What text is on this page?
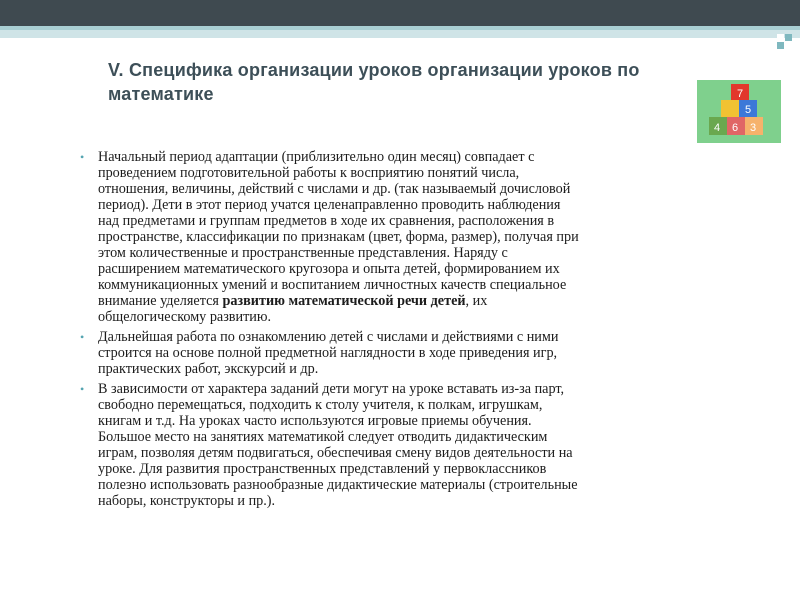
V. Специфика организации уроков организации уроков по
математике	7
5
4 6 3
• Начальный период адаптации (приблизительно один месяц) совпадает с
проведением подготовительной работы к восприятию понятий числа,
отношения, величины, действий с числами и др. (так называемый дочисловой
период). Дети в этот период учатся целенаправленно проводить наблюдения
над предметами и группам предметов в ходе их сравнения, расположения в
пространстве, классификации по признакам (цвет, форма, размер), получая при
этом количественные и пространственные представления. Наряду с
расширением математического кругозора и опыта детей, формированием их
коммуникационных умений и воспитанием личностных качеств специальное
внимание уделяется развитию математической речи детей, их
общелогическому развитию.
• Дальнейшая работа по ознакомлению детей с числами и действиями с ними
строится на основе полной предметной наглядности в ходе приведения игр,
практических работ, экскурсий и др.
• В зависимости от характера заданий дети могут на уроке вставать из-за парт,
свободно перемещаться, подходить к столу учителя, к полкам, игрушкам,
книгам и т.д. На уроках часто используются игровые приемы обучения.
Большое место на занятиях математикой следует отводить дидактическим
играм, позволяя детям подвигаться, обеспечивая смену видов деятельности на
уроке. Для развития пространственных представлений у первоклассников
полезно использовать разнообразные дидактические материалы (строительные
наборы, конструкторы и пр.).
